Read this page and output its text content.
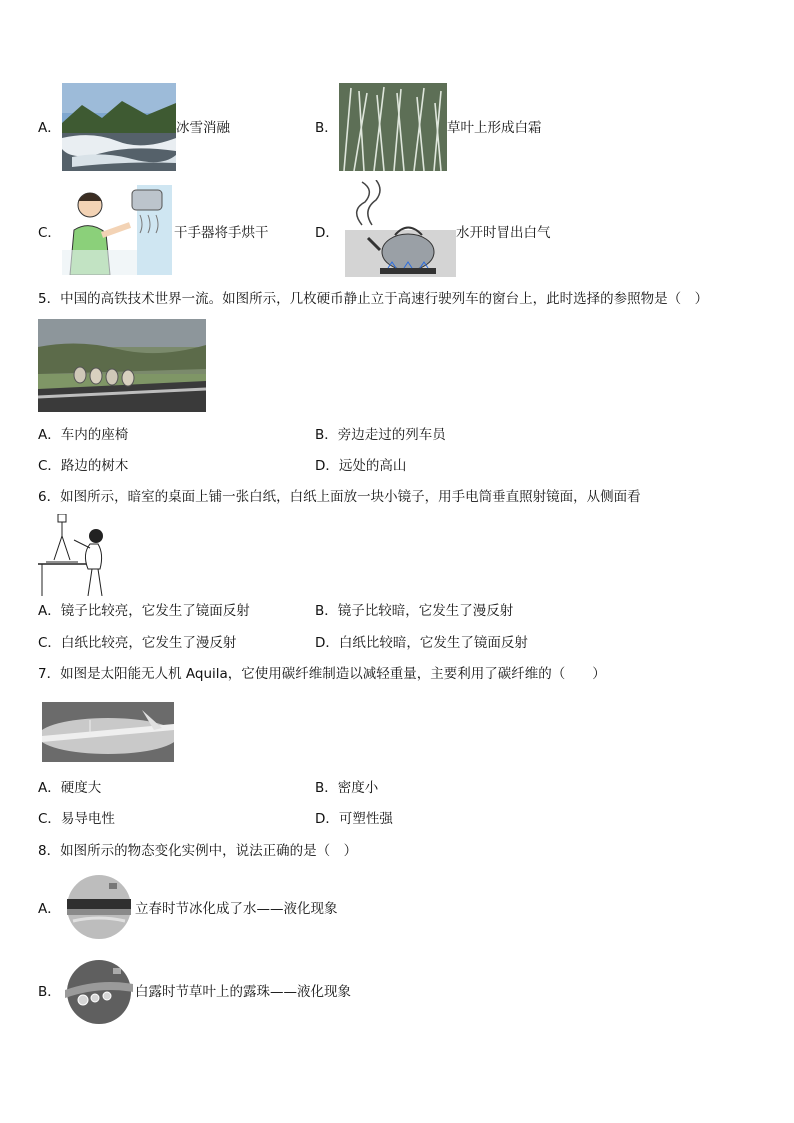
A．	冰雪消融	B．	草叶上形成白霜
C．	干手器将手烘干	D．	水开时冒出白气
5．中国的高铁技术世界一流。如图所示，几枚硬币静止立于高速行驶列车的窗台上，此时选择的参照物是（　）
A．车内的座椅	B．旁边走过的列车员
C．路边的树木	D．远处的高山
6．如图所示，暗室的桌面上铺一张白纸，白纸上面放一块小镜子，用手电筒垂直照射镜面，从侧面看
A．镜子比较亮，它发生了镜面反射	B．镜子比较暗，它发生了漫反射
C．白纸比较亮，它发生了漫反射	D．白纸比较暗，它发生了镜面反射
7．如图是太阳能无人机 Aquila，它使用碳纤维制造以减轻重量，主要利用了碳纤维的（　　）
A．硬度大	B．密度小
C．易导电性	D．可塑性强
8．如图所示的物态变化实例中，说法正确的是（　）
A．	立春时节冰化成了水——液化现象
B．	白露时节草叶上的露珠——液化现象
